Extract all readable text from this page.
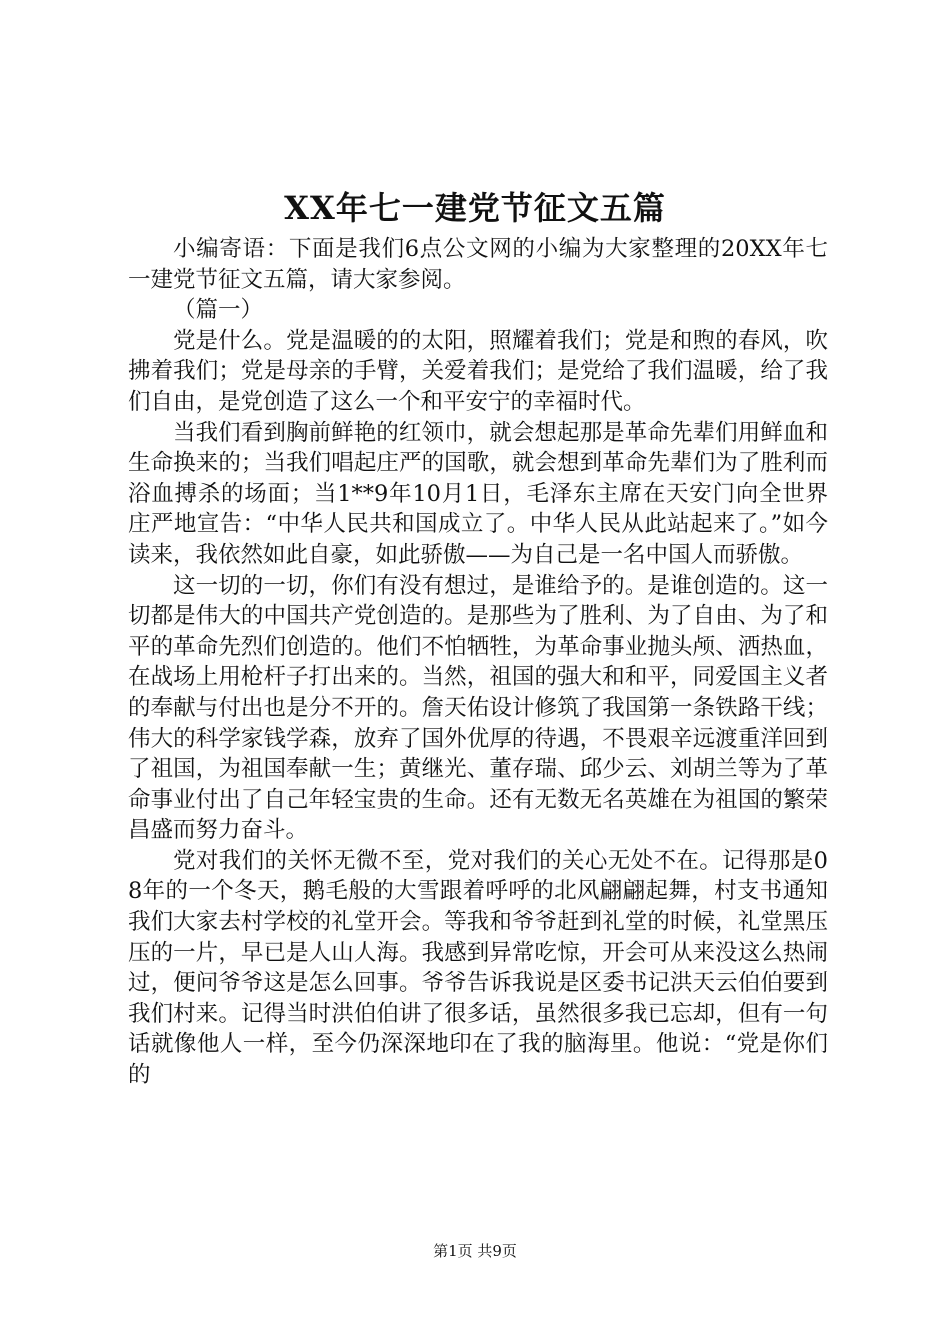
XX年七一建党节征文五篇

小编寄语：下面是我们6点公文网的小编为大家整理的20XX年七一建党节征文五篇，请大家参阅。

（篇一）

党是什么。党是温暖的的太阳，照耀着我们；党是和煦的春风，吹拂着我们；党是母亲的手臂，关爱着我们；是党给了我们温暖，给了我们自由，是党创造了这么一个和平安宁的幸福时代。

当我们看到胸前鲜艳的红领巾，就会想起那是革命先辈们用鲜血和生命换来的；当我们唱起庄严的国歌，就会想到革命先辈们为了胜利而浴血搏杀的场面；当1**9年10月1日，毛泽东主席在天安门向全世界庄严地宣告：“中华人民共和国成立了。中华人民从此站起来了。”如今读来，我依然如此自豪，如此骄傲——为自己是一名中国人而骄傲。

这一切的一切，你们有没有想过，是谁给予的。是谁创造的。这一切都是伟大的中国共产党创造的。是那些为了胜利、为了自由、为了和平的革命先烈们创造的。他们不怕牺牲，为革命事业抛头颅、洒热血，在战场上用枪杆子打出来的。当然，祖国的强大和和平，同爱国主义者的奉献与付出也是分不开的。詹天佑设计修筑了我国第一条铁路干线；伟大的科学家钱学森，放弃了国外优厚的待遇，不畏艰辛远渡重洋回到了祖国，为祖国奉献一生；黄继光、董存瑞、邱少云、刘胡兰等为了革命事业付出了自己年轻宝贵的生命。还有无数无名英雄在为祖国的繁荣昌盛而努力奋斗。

党对我们的关怀无微不至，党对我们的关心无处不在。记得那是08年的一个冬天，鹅毛般的大雪跟着呼呼的北风翩翩起舞，村支书通知我们大家去村学校的礼堂开会。等我和爷爷赶到礼堂的时候，礼堂黑压压的一片，早已是人山人海。我感到异常吃惊，开会可从来没这么热闹过，便问爷爷这是怎么回事。爷爷告诉我说是区委书记洪天云伯伯要到我们村来。记得当时洪伯伯讲了很多话，虽然很多我已忘却，但有一句话就像他人一样，至今仍深深地印在了我的脑海里。他说：“党是你们的

第1页 共9页
